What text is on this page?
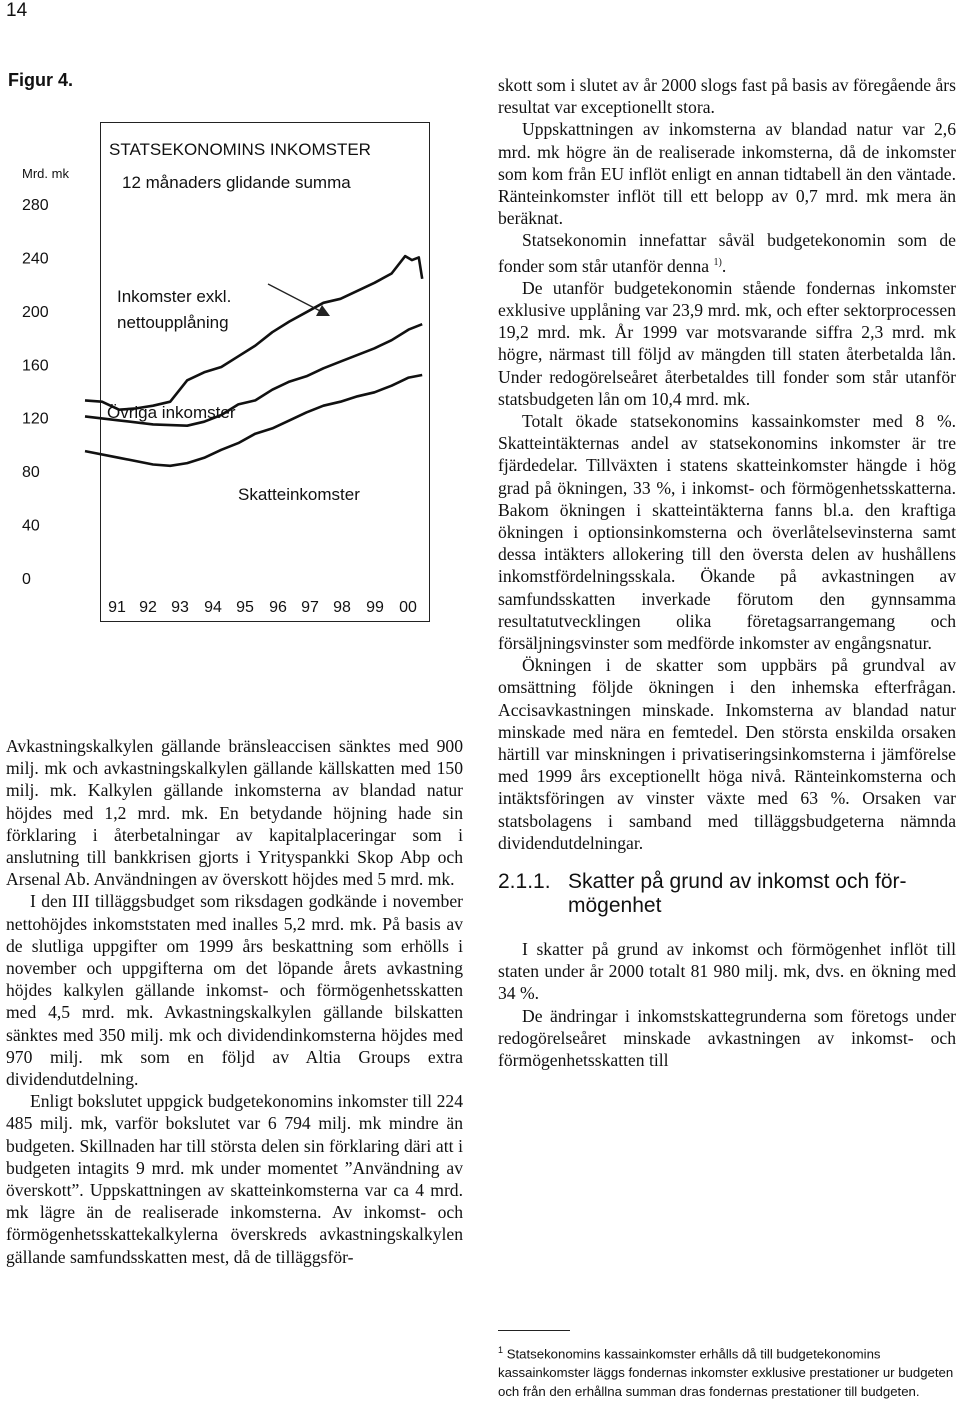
14
Figur 4.
Mrd. mk
STATSEKONOMINS INKOMSTER
12 månaders glidande summa
0
40
80
120
160
200
240
280
91 92 93 94 95 96 97 98 99 00
Inkomster exkl.
nettoupplåning
Övriga inkomster
Skatteinkomster

Avkastningskalkylen gällande bränsleaccisen sänktes med 900 milj. mk och avkastningskalkylen gällande källskatten med 150 milj. mk. Kalkylen gällande inkomsterna av blandad natur höjdes med 1,2 mrd. mk. En betydande höjning hade sin förklaring i återbetalningar av kapitalplaceringar som i anslutning till bankkrisen gjorts i Yrityspankki Skop Abp och Arsenal Ab. Användningen av överskott höjdes med 5 mrd. mk.

I den III tilläggsbudget som riksdagen godkände i november nettohöjdes inkomststaten med inalles 5,2 mrd. mk. På basis av de slutliga uppgifter om 1999 års beskattning som erhölls i november och uppgifterna om det löpande årets avkastning höjdes kalkylen gällande inkomst- och förmögenhetsskatten med 4,5 mrd. mk. Avkastningskalkylen gällande bilskatten sänktes med 350 milj. mk och dividendinkomsterna höjdes med 970 milj. mk som en följd av Altia Groups extra dividendutdelning.

Enligt bokslutet uppgick budgetekonomins inkomster till 224 485 milj. mk, varför bokslutet var 6 794 milj. mk mindre än budgeten. Skillnaden har till största delen sin förklaring däri att i budgeten intagits 9 mrd. mk under momentet ”Användning av överskott”. Uppskattningen av skatteinkomsterna var ca 4 mrd. mk lägre än de realiserade inkomsterna. Av inkomst- och förmögenhetsskattekalkylerna överskreds avkastningskalkylen gällande samfundsskatten mest, då de tilläggsför-

skott som i slutet av år 2000 slogs fast på basis av föregående års resultat var exceptionellt stora.

Uppskattningen av inkomsterna av blandad natur var 2,6 mrd. mk högre än de realiserade inkomsterna, då de inkomster som kom från EU inflöt enligt en annan tidtabell än den väntade. Ränteinkomster inflöt till ett belopp av 0,7 mrd. mk mera än beräknat.

Statsekonomin innefattar såväl budgetekonomin som de fonder som står utanför denna $^{1)}$.

De utanför budgetekonomin stående fondernas inkomster exklusive upplåning var 23,9 mrd. mk, och efter sektorprocessen 19,2 mrd. mk. År 1999 var motsvarande siffra 2,3 mrd. mk högre, närmast till följd av mängden till staten återbetalda lån. Under redogörelseåret återbetaldes till fonder som står utanför statsbudgeten lån om 10,4 mrd. mk.

Totalt ökade statsekonomins kassainkomster med 8 %. Skatteintäkternas andel av statsekonomins inkomster är tre fjärdedelar. Tillväxten i statens skatteinkomster hängde i hög grad på ökningen, 33 %, i inkomst- och förmögenhetsskatterna. Bakom ökningen i skatteintäkterna fanns bl.a. den kraftiga ökningen i optionsinkomsterna och överlåtelsevinsterna samt dessa intäkters allokering till den översta delen av hushållens inkomstfördelningsskala. Ökande på avkastningen av samfundsskatten inverkade förutom den gynnsamma resultatutvecklingen olika företagsarrangemang och försäljningsvinster som medförde inkomster av engångsnatur.

Ökningen i de skatter som uppbärs på grundval av omsättning följde ökningen i den inhemska efterfrågan. Accisavkastningen minskade. Inkomsterna av blandad natur minskade med nära en femtedel. Den största enskilda orsaken härtill var minskningen i privatiseringsinkomsterna i jämförelse med 1999 års exceptionellt höga nivå. Ränteinkomsterna och intäktsföringen av vinster växte med 63 %. Orsaken var statsbolagens i samband med tilläggsbudgeterna nämnda dividendutdelningar.

2.1.1. Skatter på grund av inkomst och för-
mögenhet

I skatter på grund av inkomst och förmögenhet inflöt till staten under år 2000 totalt 81 980 milj. mk, dvs. en ökning med 34 %.

De ändringar i inkomstskattegrunderna som företogs under redogörelseåret minskade avkastningen av inkomst- och förmögenhetsskatten till

$^1$ Statsekonomins kassainkomster erhålls då till budgetekonomins kassainkomster läggs fondernas inkomster exklusive prestationer ur budgeten och från den erhållna summan dras fondernas prestationer till budgeten.
